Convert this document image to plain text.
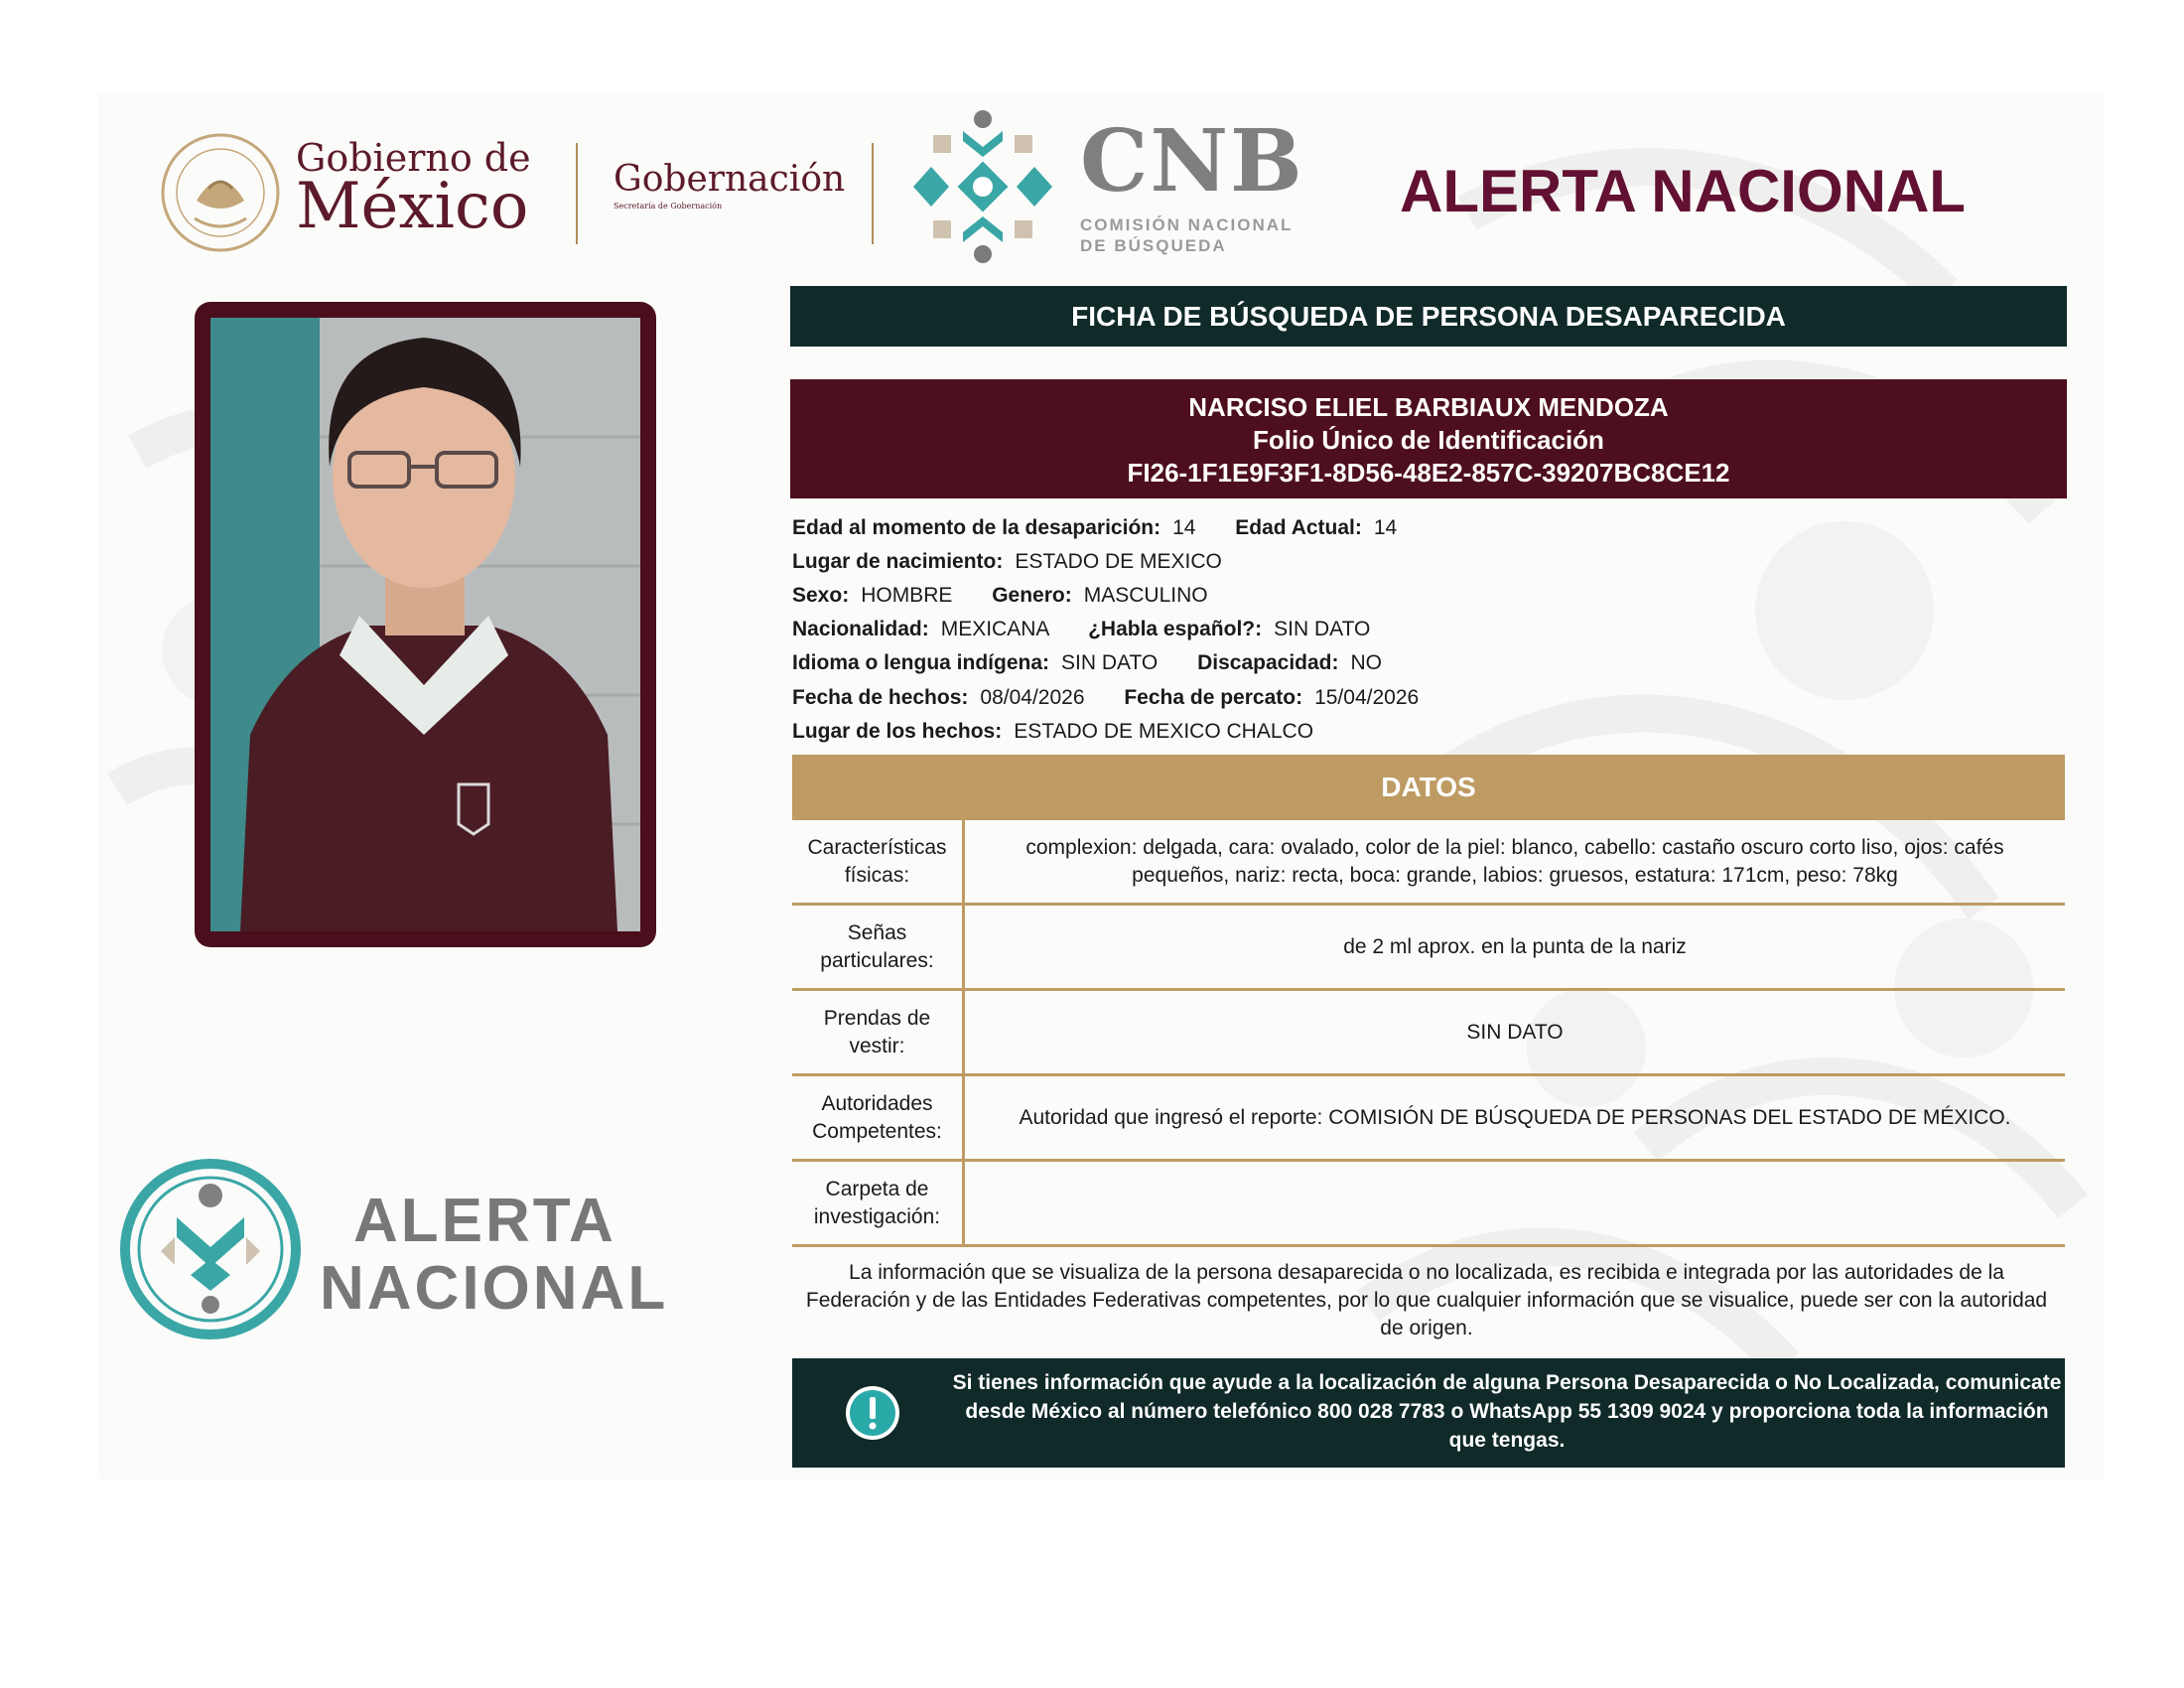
Gobierno de
México Gobernación
Secretaría de Gobernación	CNB
COMISIÓN NACIONAL
DE BÚSQUEDA
ALERTA NACIONAL
FICHA DE BÚSQUEDA DE PERSONA DESAPARECIDA
NARCISO ELIEL BARBIAUX MENDOZA
Folio Único de Identificación
FI26-1F1E9F3F1-8D56-48E2-857C-39207BC8CE12
Edad al momento de la desaparición: 14 Edad Actual: 14
Lugar de nacimiento: ESTADO DE MEXICO
Sexo: HOMBRE Genero: MASCULINO
Nacionalidad: MEXICANA ¿Habla español?: SIN DATO
Idioma o lengua indígena: SIN DATO Discapacidad: NO
Fecha de hechos: 08/04/2026 Fecha de percato: 15/04/2026
Lugar de los hechos: ESTADO DE MEXICO CHALCO
DATOS
Características físicas:
complexion: delgada, cara: ovalado, color de la piel: blanco, cabello: castaño oscuro corto liso, ojos: cafés pequeños, nariz: recta, boca: grande, labios: gruesos, estatura: 171cm, peso: 78kg
Señas particulares:
de 2 ml aprox. en la punta de la nariz
Prendas de vestir:
SIN DATO
Autoridades Competentes:
Autoridad que ingresó el reporte: COMISIÓN DE BÚSQUEDA DE PERSONAS DEL ESTADO DE MÉXICO.
Carpeta de investigación:
La información que se visualiza de la persona desaparecida o no localizada, es recibida e integrada por las autoridades de la Federación y de las Entidades Federativas competentes, por lo que cualquier información que se visualice, puede ser con la autoridad de origen.
Si tienes información que ayude a la localización de alguna Persona Desaparecida o No Localizada, comunicate desde México al número telefónico 800 028 7783 o WhatsApp 55 1309 9024 y proporciona toda la información que tengas.
ALERTA
NACIONAL
